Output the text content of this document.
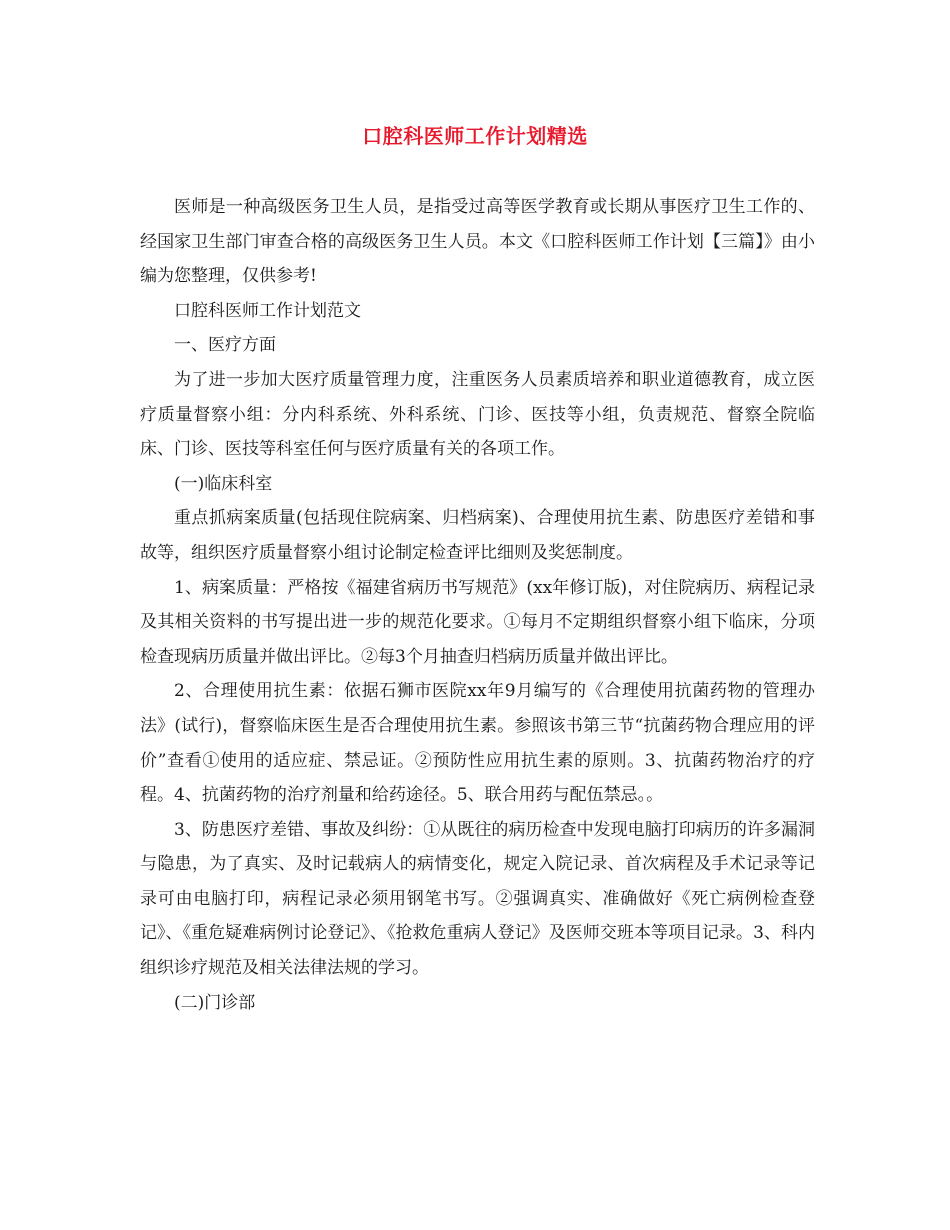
口腔科医师工作计划精选

医师是一种高级医务卫生人员，是指受过高等医学教育或长期从事医疗卫生工作的、经国家卫生部门审查合格的高级医务卫生人员。本文《口腔科医师工作计划【三篇】》由小编为您整理，仅供参考!

口腔科医师工作计划范文

一、医疗方面

为了进一步加大医疗质量管理力度，注重医务人员素质培养和职业道德教育，成立医疗质量督察小组：分内科系统、外科系统、门诊、医技等小组，负责规范、督察全院临床、门诊、医技等科室任何与医疗质量有关的各项工作。

(一)临床科室

重点抓病案质量(包括现住院病案、归档病案)、合理使用抗生素、防患医疗差错和事故等，组织医疗质量督察小组讨论制定检查评比细则及奖惩制度。

1、病案质量：严格按《福建省病历书写规范》(xx年修订版)，对住院病历、病程记录及其相关资料的书写提出进一步的规范化要求。①每月不定期组织督察小组下临床，分项检查现病历质量并做出评比。②每3个月抽查归档病历质量并做出评比。

2、合理使用抗生素：依据石狮市医院xx年9月编写的《合理使用抗菌药物的管理办法》(试行)，督察临床医生是否合理使用抗生素。参照该书第三节“抗菌药物合理应用的评价”查看①使用的适应症、禁忌证。②预防性应用抗生素的原则。3、抗菌药物治疗的疗程。4、抗菌药物的治疗剂量和给药途径。5、联合用药与配伍禁忌。。

3、防患医疗差错、事故及纠纷：①从既往的病历检查中发现电脑打印病历的许多漏洞与隐患，为了真实、及时记载病人的病情变化，规定入院记录、首次病程及手术记录等记录可由电脑打印，病程记录必须用钢笔书写。②强调真实、准确做好《死亡病例检查登记》、《重危疑难病例讨论登记》、《抢救危重病人登记》及医师交班本等项目记录。3、科内组织诊疗规范及相关法律法规的学习。

(二)门诊部
